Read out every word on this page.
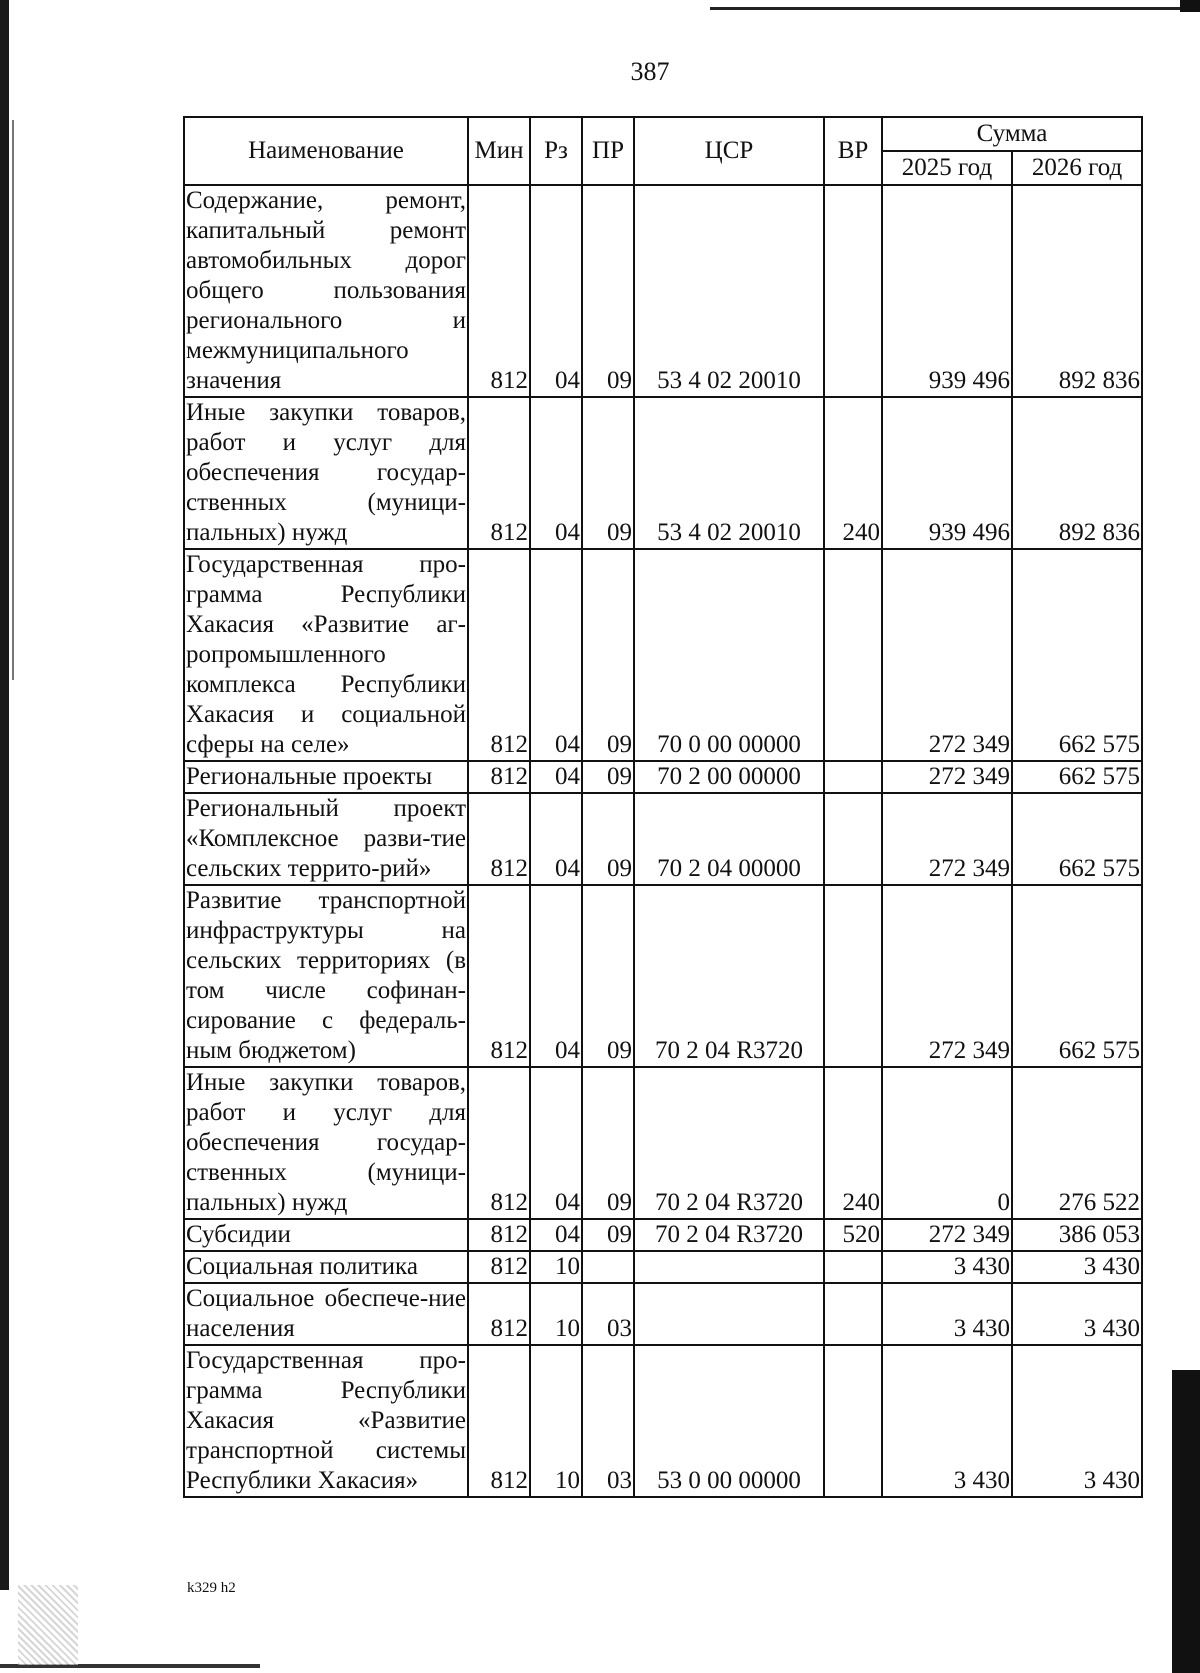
387
Наименование	Мин	Рз	ПР	ЦСР	ВР	Сумма	
						2025 год	2026 год
Содержание, ремонт, капитальный ремонт автомобильных дорог общего пользования регионального и межмуниципального значения	812	04	09	53 4 02 20010		939 496	892 836
Иные закупки товаров, работ и услуг для обеспечения государ-ственных (муници-пальных) нужд	812	04	09	53 4 02 20010	240	939 496	892 836
Государственная про-грамма Республики Хакасия «Развитие аг-ропромышленного комплекса Республики Хакасия и социальной сферы на селе»	812	04	09	70 0 00 00000		272 349	662 575
Региональные проекты	812	04	09	70 2 00 00000		272 349	662 575
Региональный проект «Комплексное разви-тие сельских террито-рий»	812	04	09	70 2 04 00000		272 349	662 575
Развитие транспортной инфраструктуры на сельских территориях (в том числе софинан-сирование с федераль-ным бюджетом)	812	04	09	70 2 04 R3720		272 349	662 575
Иные закупки товаров, работ и услуг для обеспечения государ-ственных (муници-пальных) нужд	812	04	09	70 2 04 R3720	240	0	276 522
Субсидии	812	04	09	70 2 04 R3720	520	272 349	386 053
Социальная политика	812	10				3 430	3 430
Социальное обеспече-ние населения	812	10	03			3 430	3 430
Государственная про-грамма Республики Хакасия «Развитие транспортной системы Республики Хакасия»	812	10	03	53 0 00 00000		3 430	3 430
k329 h2
